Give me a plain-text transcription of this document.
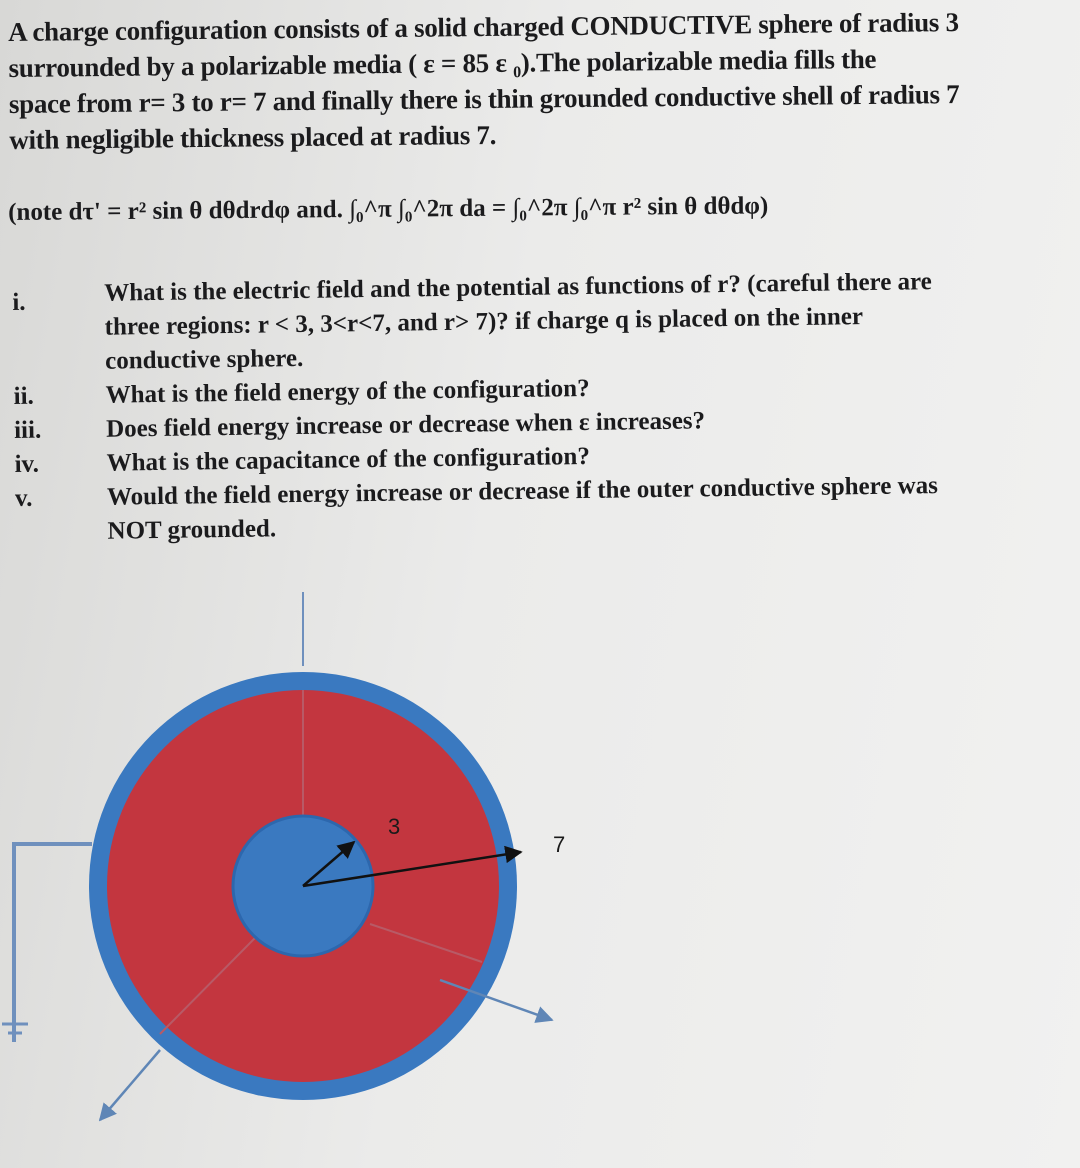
A charge configuration consists of a solid charged CONDUCTIVE sphere of radius 3
surrounded by a polarizable media ( ε = 85 ε ₀).The polarizable media fills the
space from r= 3 to r= 7 and finally there is thin grounded conductive shell of radius 7
with negligible thickness placed at radius 7.
(note dτ' = r² sin θ dθdrdφ and. ∫₀^π ∫₀^2π da = ∫₀^2π ∫₀^π r² sin θ dθdφ)
i.	What is the electric field and the potential as functions of r? (careful there are
three regions: r < 3, 3<r<7, and r> 7)? if charge q is placed on the inner
conductive sphere.
ii.	What is the field energy of the configuration?
iii.	Does field energy increase or decrease when ε increases?
iv.	What is the capacitance of the configuration?
v.	Would the field energy increase or decrease if the outer conductive sphere was
NOT grounded.
3
7
